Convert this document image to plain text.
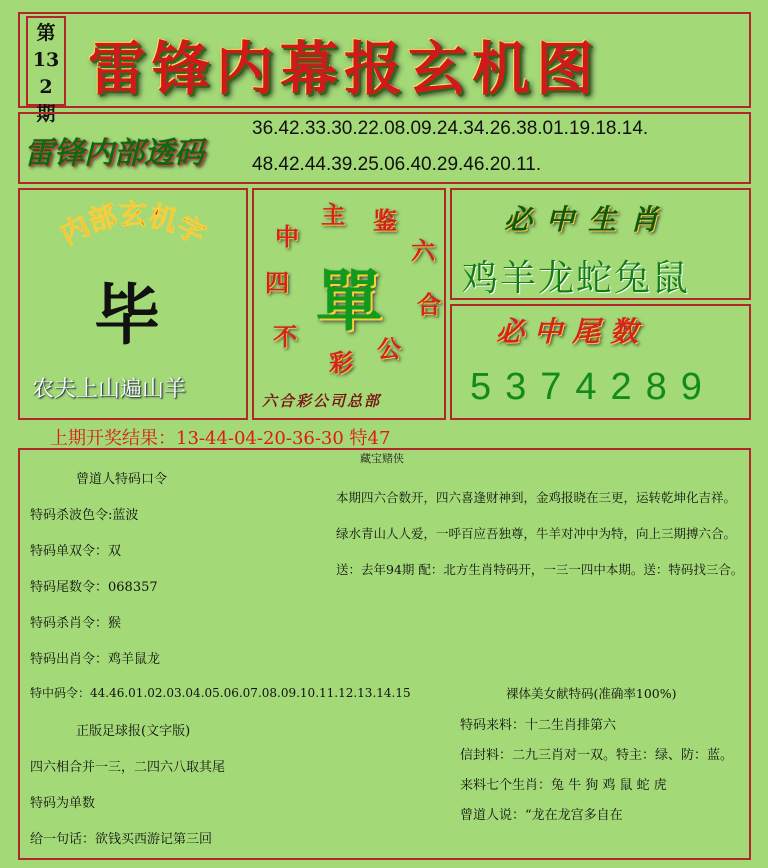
第132期
雷锋内幕报玄机图
雷锋内部透码
36.42.33.30.22.08.09.24.34.26.38.01.19.18.14.
48.42.44.39.25.06.40.29.46.20.11.
内部玄机字
毕
农夫上山遍山羊
四
不
鉴
六
合
彩 公
主
中
單
六合彩公司总部
必中生肖
鸡羊龙蛇兔鼠
必中尾数
5374289
上期开奖结果：13-44-04-20-36-30 特47
藏宝赌侠
曾道人特码口令
特码杀波色令:蓝波
特码单双令：双
特码尾数令：068357
特码杀肖令：猴
特码出肖令：鸡羊鼠龙
特中码令：44.46.01.02.03.04.05.06.07.08.09.10.11.12.13.14.15
正版足球报(文字版)
四六相合并一三，二四六八取其尾
特码为单数
给一句话：欲钱买西游记第三回
本期四六合数开，四六喜逢财神到，金鸡报晓在三更，运转乾坤化吉祥。
绿水青山人人爱，一呼百应吾独尊，牛羊对冲中为特，向上三期搏六合。
送：去年94期 配：北方生肖特码开，一三一四中本期。送：特码找三合。
裸体美女献特码(准确率100%)
特码来料：十二生肖排第六
信封料：二九三肖对一双。特主：绿、防：蓝。
来料七个生肖：兔 牛 狗 鸡 鼠 蛇 虎
曾道人说：“龙在龙宫多自在
